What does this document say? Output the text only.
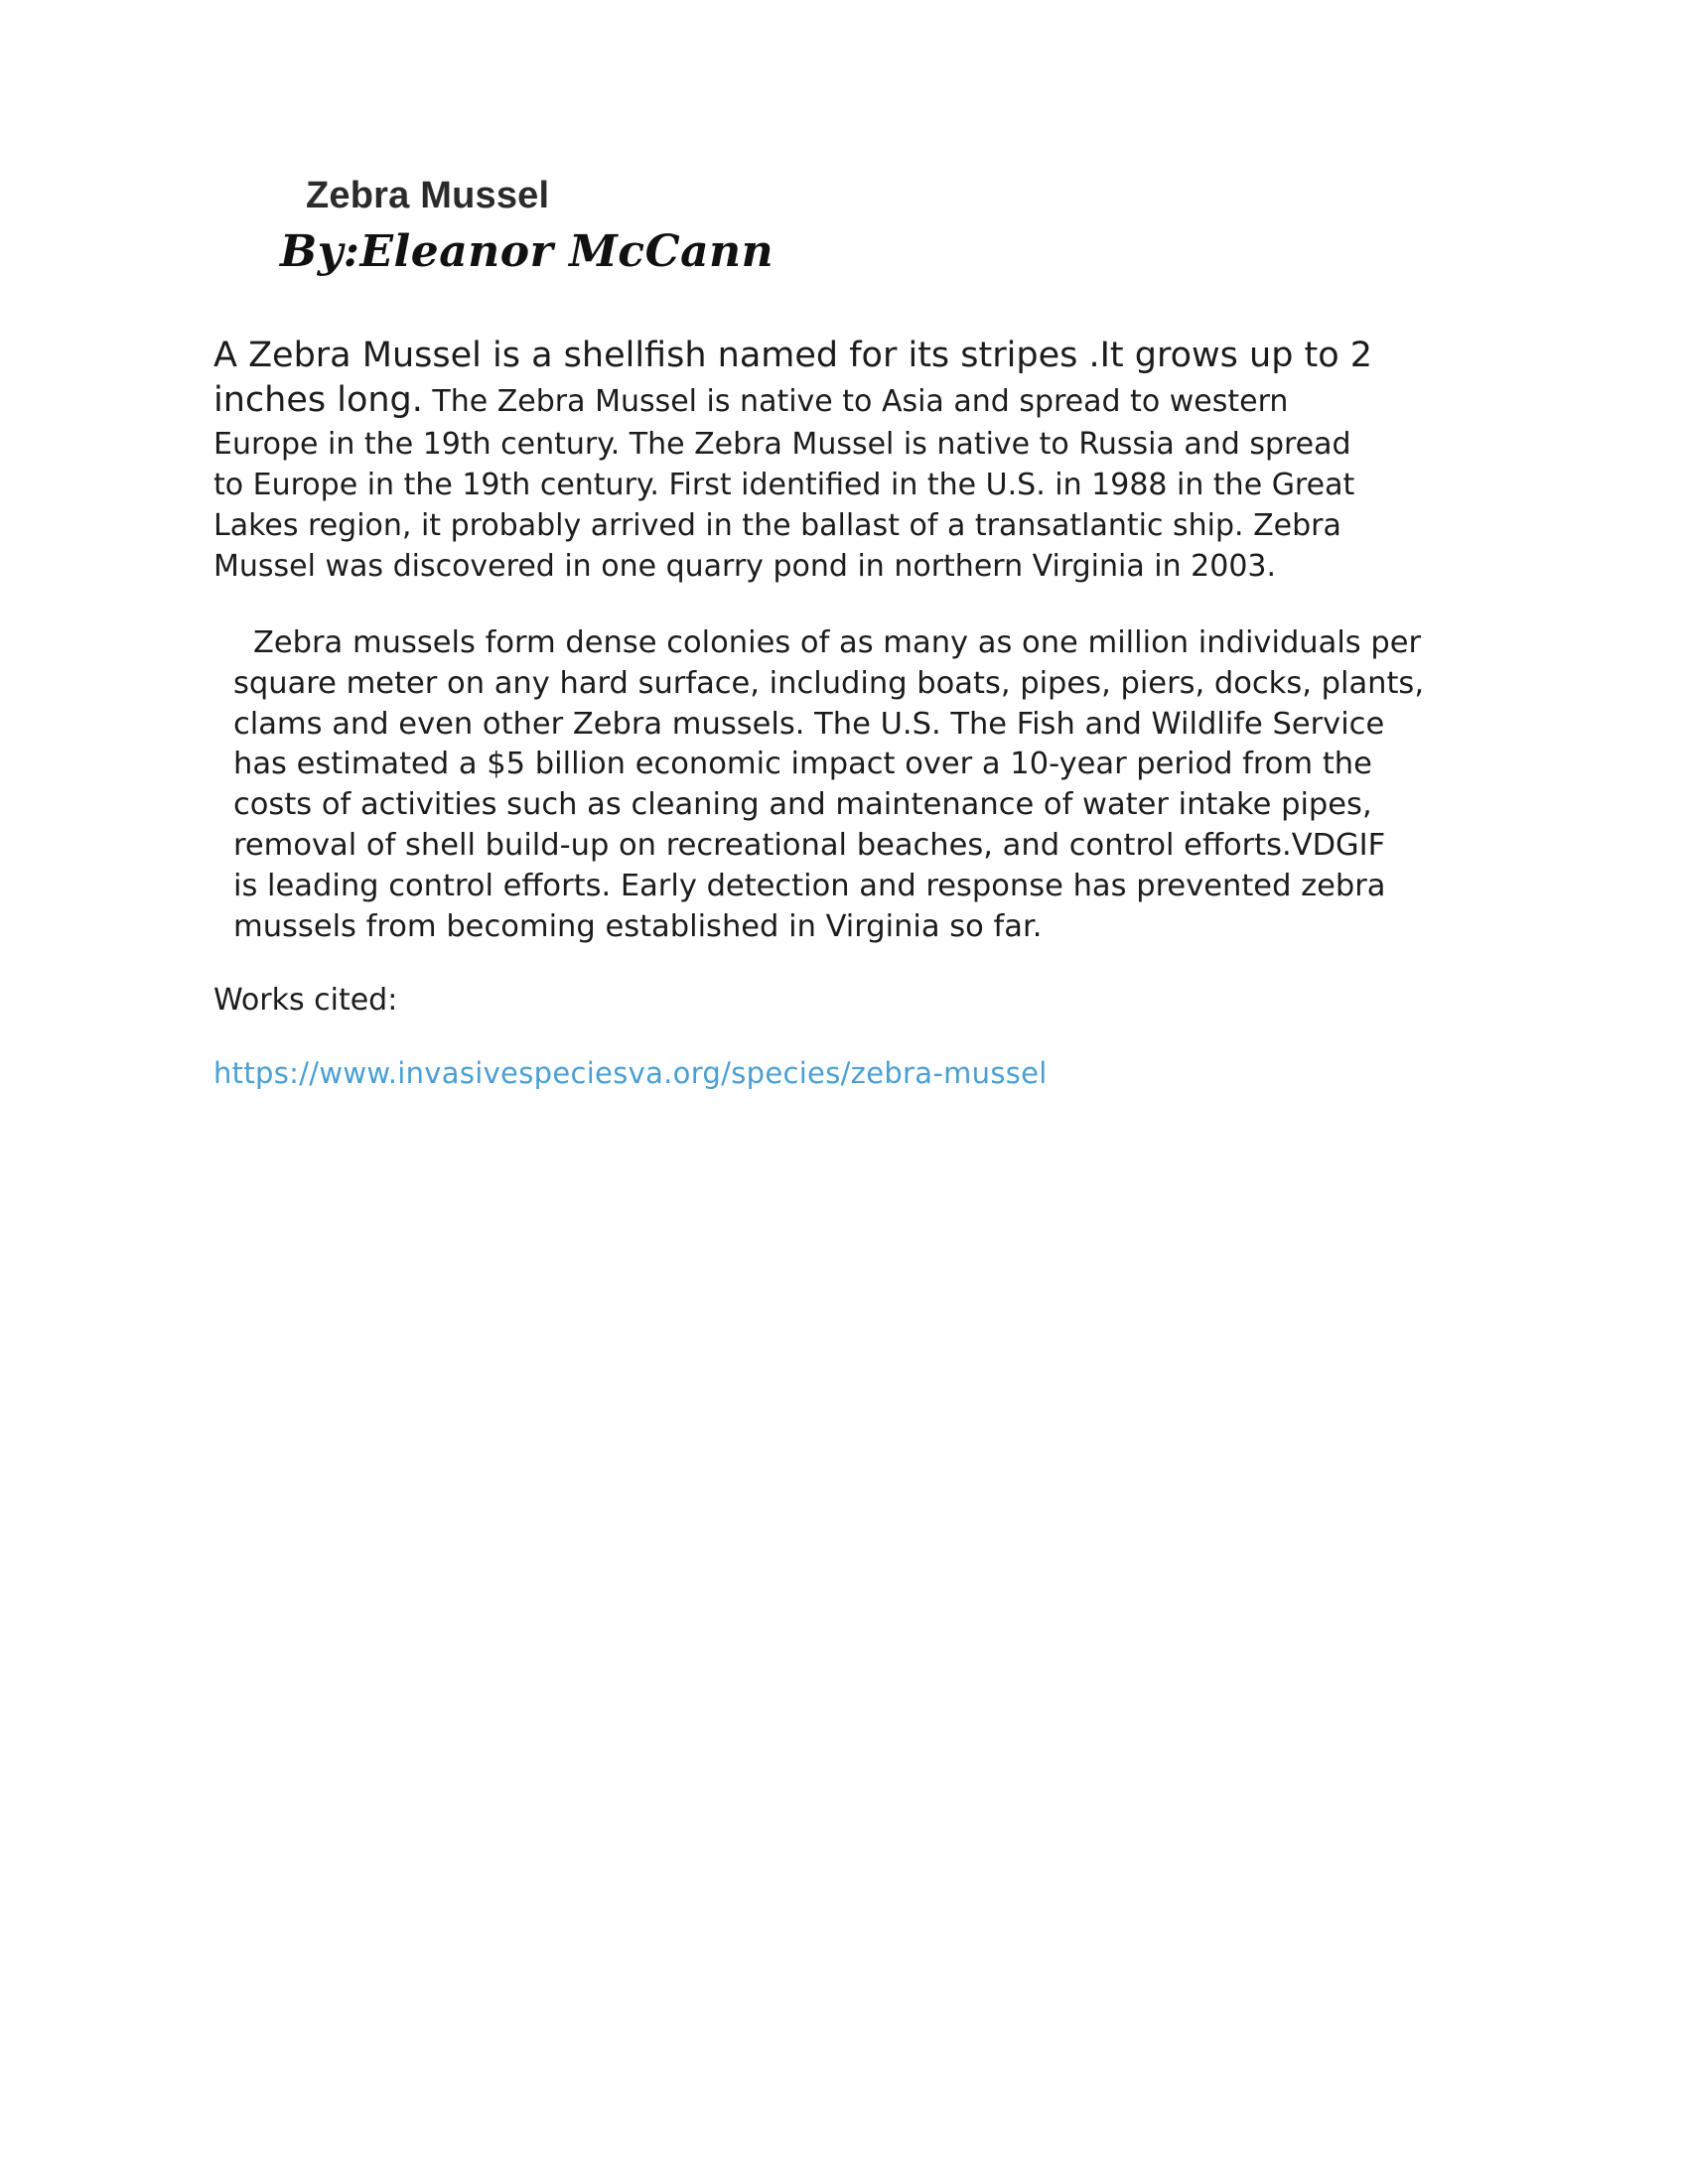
Zebra Mussel
By:Eleanor McCann
A Zebra Mussel is a shellfish named for its stripes .It grows up to 2
inches long. The Zebra Mussel is native to Asia and spread to western
Europe in the 19th century. The Zebra Mussel is native to Russia and spread
to Europe in the 19th century. First identified in the U.S. in 1988 in the Great
Lakes region, it probably arrived in the ballast of a transatlantic ship. Zebra
Mussel was discovered in one quarry pond in northern Virginia in 2003.
Zebra mussels form dense colonies of as many as one million individuals per
square meter on any hard surface, including boats, pipes, piers, docks, plants,
clams and even other Zebra mussels. The U.S. The Fish and Wildlife Service
has estimated a $5 billion economic impact over a 10-year period from the
costs of activities such as cleaning and maintenance of water intake pipes,
removal of shell build-up on recreational beaches, and control efforts.VDGIF
is leading control efforts. Early detection and response has prevented zebra
mussels from becoming established in Virginia so far.
Works cited:
https://www.invasivespeciesva.org/species/zebra-mussel
